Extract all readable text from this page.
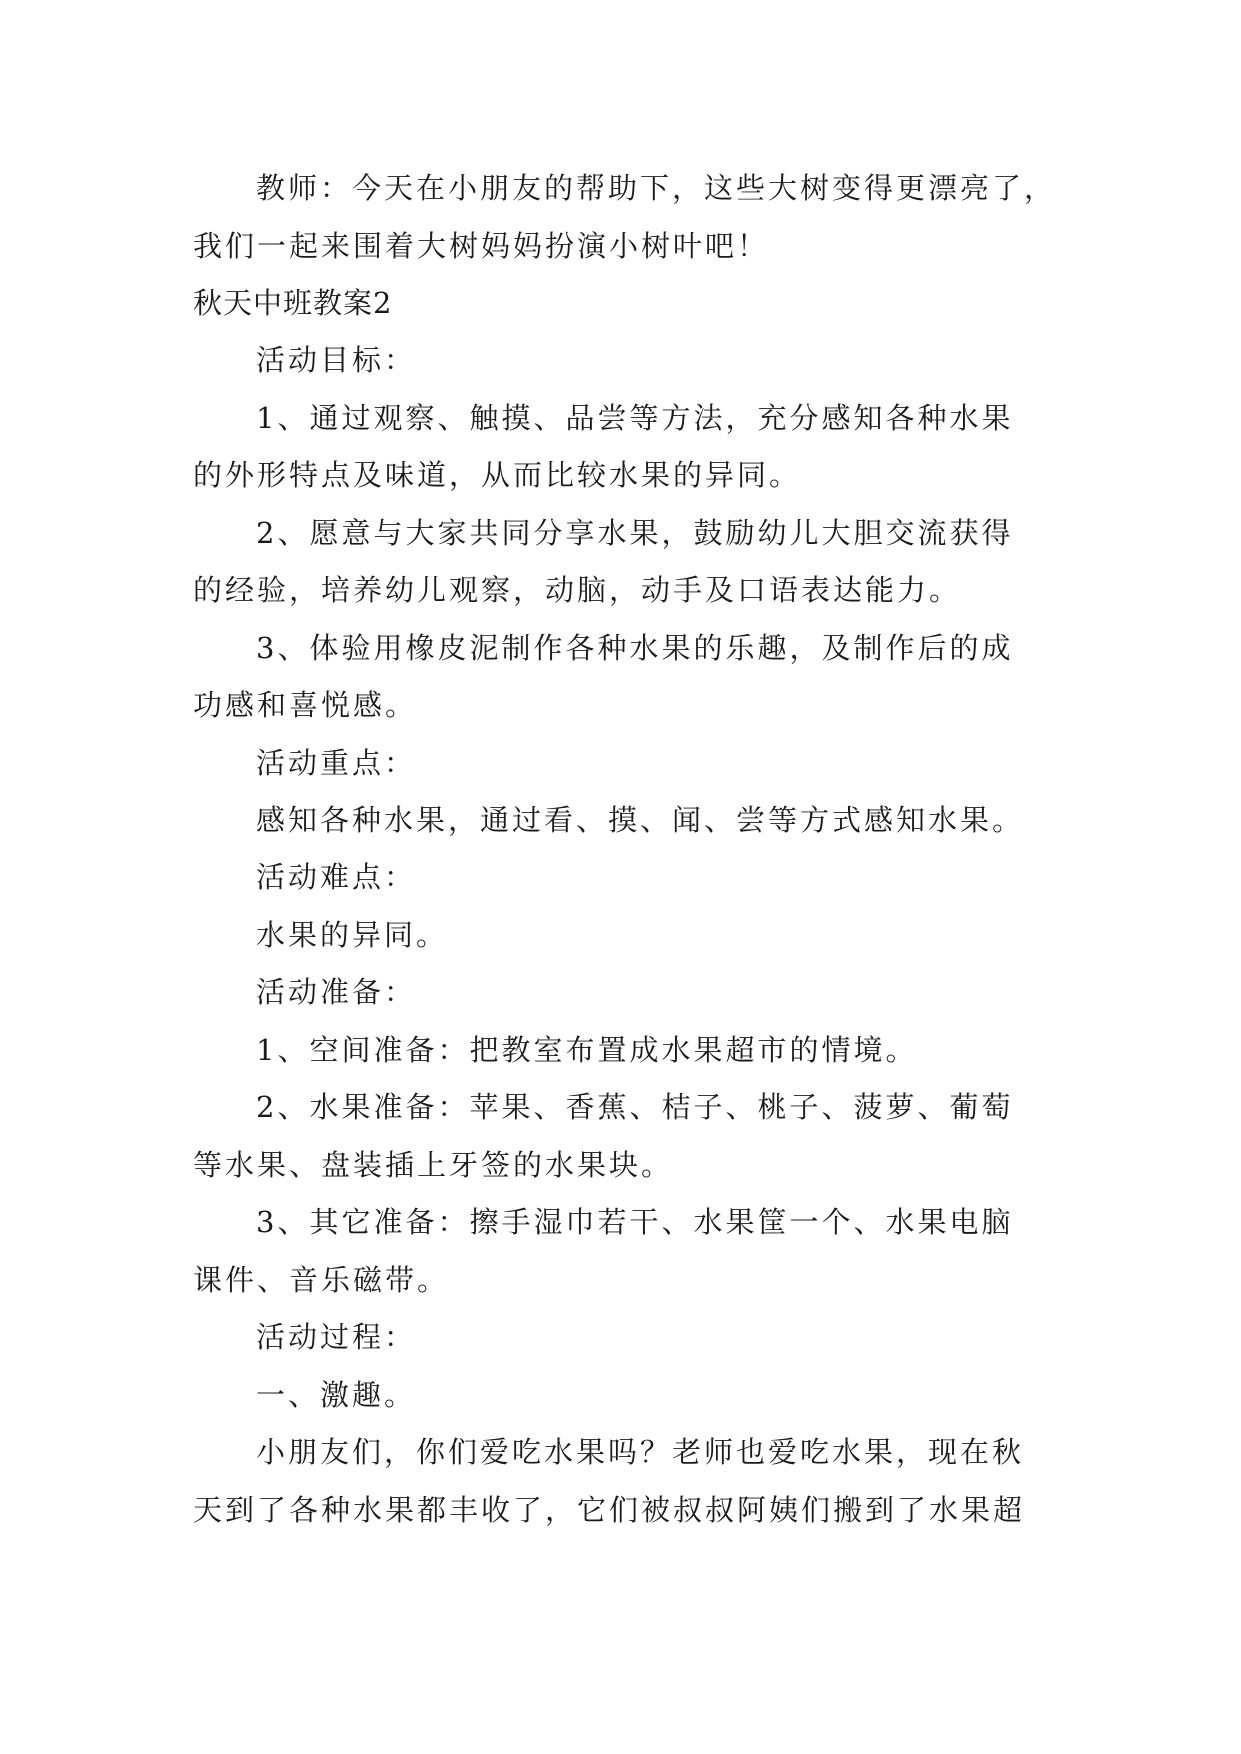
教师：今天在小朋友的帮助下，这些大树变得更漂亮了，
我们一起来围着大树妈妈扮演小树叶吧！
秋天中班教案2
活动目标：
1、通过观察、触摸、品尝等方法，充分感知各种水果
的外形特点及味道，从而比较水果的异同。
2、愿意与大家共同分享水果，鼓励幼儿大胆交流获得
的经验，培养幼儿观察，动脑，动手及口语表达能力。
3、体验用橡皮泥制作各种水果的乐趣，及制作后的成
功感和喜悦感。
活动重点：
感知各种水果，通过看、摸、闻、尝等方式感知水果。
活动难点：
水果的异同。
活动准备：
1、空间准备：把教室布置成水果超市的情境。
2、水果准备：苹果、香蕉、桔子、桃子、菠萝、葡萄
等水果、盘装插上牙签的水果块。
3、其它准备：擦手湿巾若干、水果筐一个、水果电脑
课件、音乐磁带。
活动过程：
一、激趣。
小朋友们，你们爱吃水果吗？老师也爱吃水果，现在秋
天到了各种水果都丰收了，它们被叔叔阿姨们搬到了水果超
